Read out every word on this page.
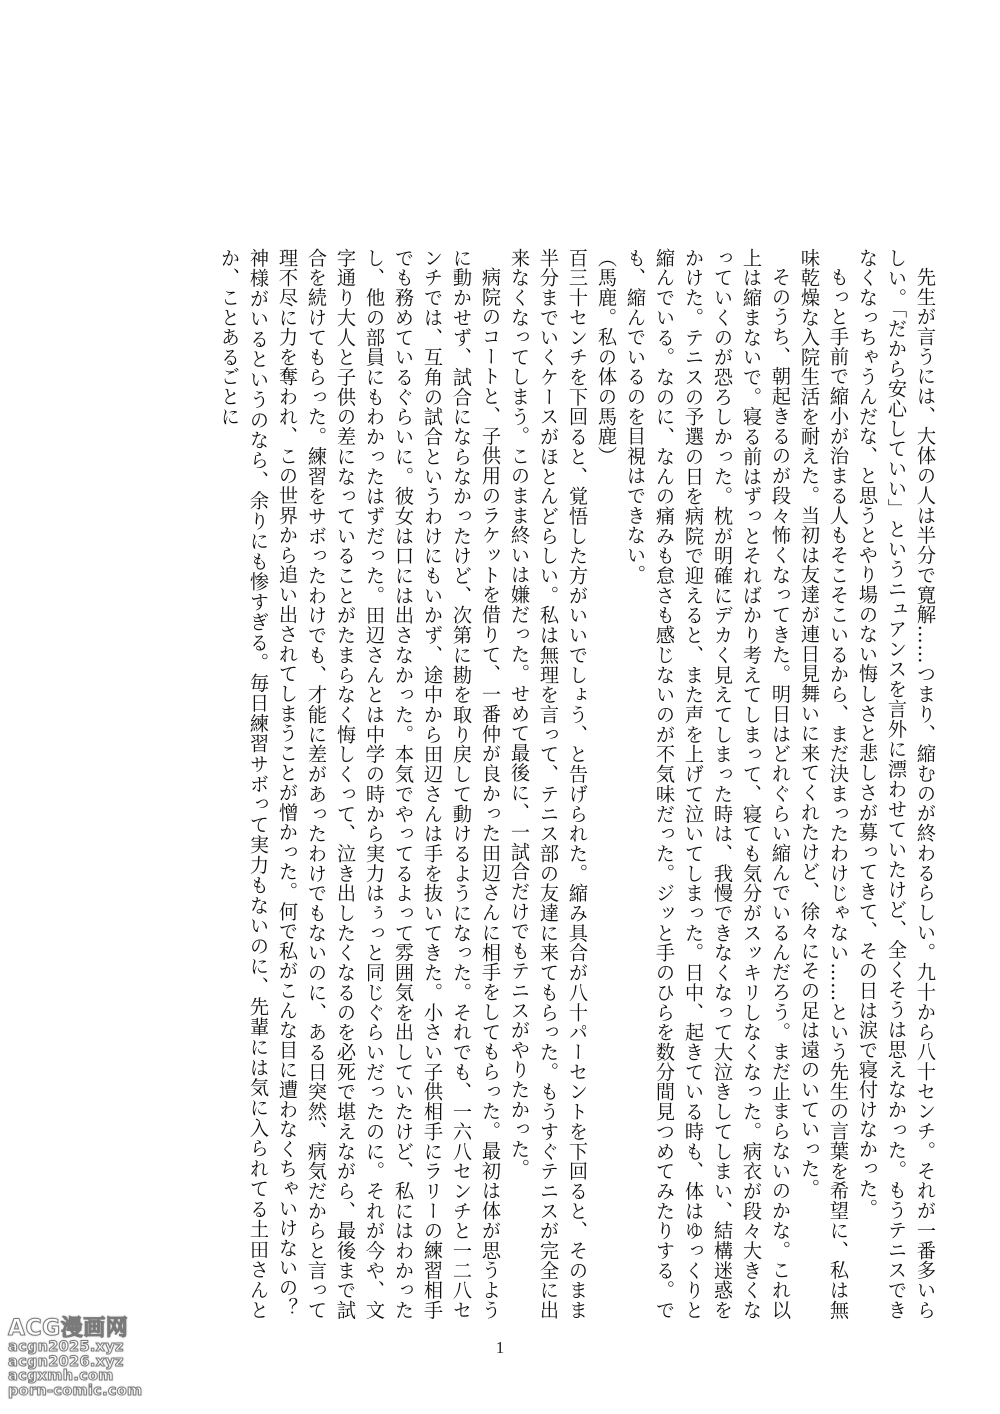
先生が言うには、大体の人は半分で寛解……つまり、縮むのが終わるらしい。九十から八十センチ。それが一番多いらしい。「だから安心していい」というニュアンスを言外に漂わせていたけど、全くそうは思えなかった。もうテニスできなくなっちゃうんだな、と思うとやり場のない悔しさと悲しさが募ってきて、その日は涙で寝付けなかった。

もっと手前で縮小が治まる人もそこそこいるから、まだ決まったわけじゃない……という先生の言葉を希望に、私は無味乾燥な入院生活を耐えた。当初は友達が連日見舞いに来てくれたけど、徐々にその足は遠のいていった。

そのうち、朝起きるのが段々怖くなってきた。明日はどれぐらい縮んでいるんだろう。まだ止まらないのかな。これ以上は縮まないで。寝る前はずっとそればかり考えてしまって、寝ても気分がスッキリしなくなった。病衣が段々大きくなっていくのが恐ろしかった。枕が明確にデカく見えてしまった時は、我慢できなくなって大泣きしてしまい、結構迷惑をかけた。テニスの予選の日を病院で迎えると、また声を上げて泣いてしまった。日中、起きている時も、体はゆっくりと縮んでいる。なのに、なんの痛みも怠さも感じないのが不気味だった。ジッと手のひらを数分間見つめてみたりする。でも、縮んでいるのを目視はできない。

（馬鹿。私の体の馬鹿）

百三十センチを下回ると、覚悟した方がいいでしょう、と告げられた。縮み具合が八十パーセントを下回ると、そのまま半分までいくケースがほとんどらしい。私は無理を言って、テニス部の友達に来てもらった。もうすぐテニスが完全に出来なくなってしまう。このまま終いは嫌だった。せめて最後に、一試合だけでもテニスがやりたかった。

病院のコートと、子供用のラケットを借りて、一番仲が良かった田辺さんに相手をしてもらった。最初は体が思うように動かせず、試合にならなかったけど、次第に勘を取り戻して動けるようになった。それでも、一六八センチと一二八センチでは、互角の試合というわけにもいかず、途中から田辺さんは手を抜いてきた。小さい子供相手にラリーの練習相手でも務めているぐらいに。彼女は口には出さなかった。本気でやってるよって雰囲気を出していたけど、私にはわかったし、他の部員にもわかったはずだった。田辺さんとは中学の時から実力はぅっと同じぐらいだったのに。それが今や、文字通り大人と子供の差になっていることがたまらなく悔しくって、泣き出したくなるのを必死で堪えながら、最後まで試合を続けてもらった。練習をサボったわけでも、才能に差があったわけでもないのに、ある日突然、病気だからと言って理不尽に力を奪われ、この世界から追い出されてしまうことが憎かった。何で私がこんな目に遭わなくちゃいけないの？

神様がいるというのなら、余りにも惨すぎる。毎日練習サボって実力もないのに、先輩には気に入られてる土田さんとか、ことあるごとに

1
ACG漫画网
acgn2025.xyz
acgn2026.xyz
acgxmh.com
porn-comic.com
